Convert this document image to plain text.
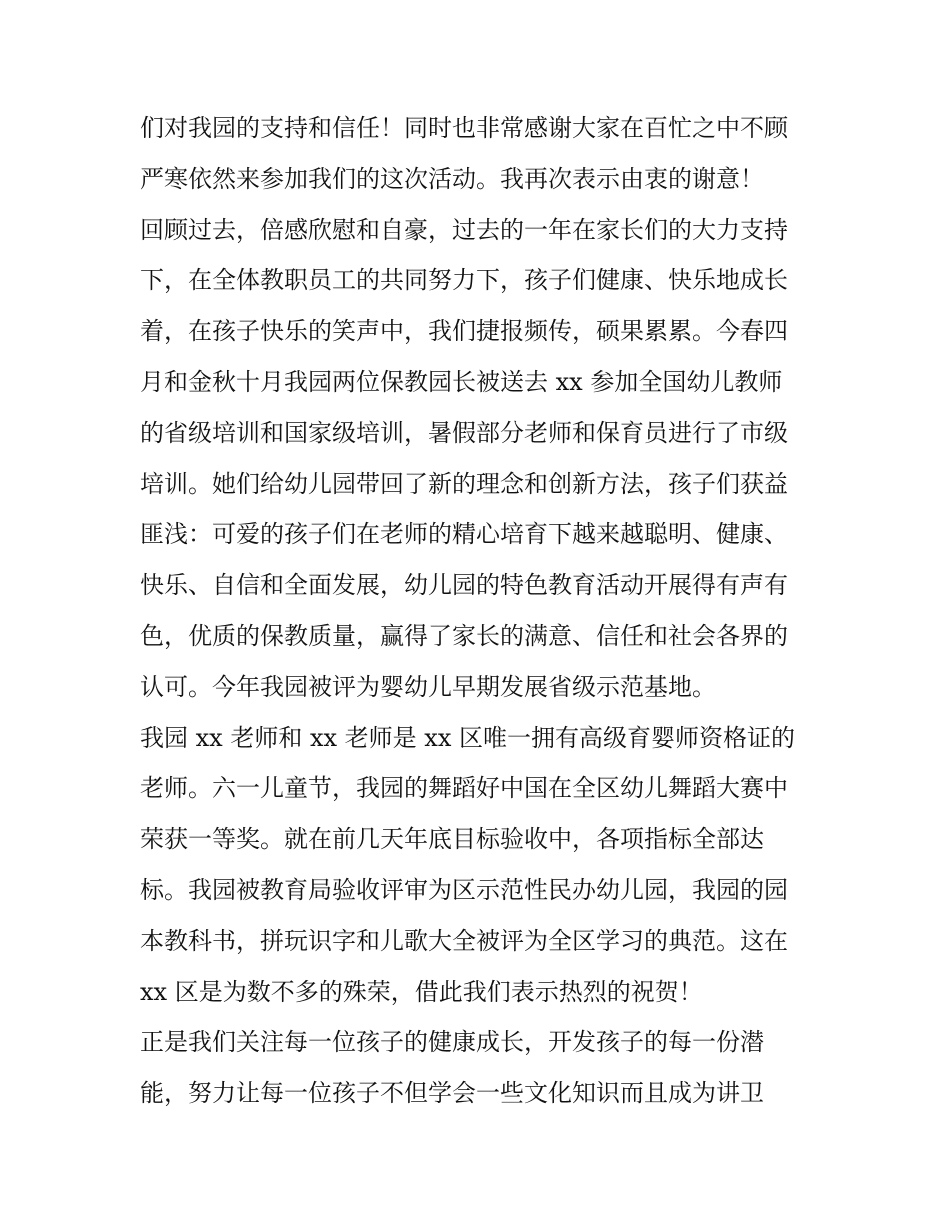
们对我园的支持和信任！同时也非常感谢大家在百忙之中不顾
严寒依然来参加我们的这次活动。我再次表示由衷的谢意！
回顾过去，倍感欣慰和自豪，过去的一年在家长们的大力支持
下，在全体教职员工的共同努力下，孩子们健康、快乐地成长
着，在孩子快乐的笑声中，我们捷报频传，硕果累累。今春四
月和金秋十月我园两位保教园长被送去 xx 参加全国幼儿教师
的省级培训和国家级培训，暑假部分老师和保育员进行了市级
培训。她们给幼儿园带回了新的理念和创新方法，孩子们获益
匪浅：可爱的孩子们在老师的精心培育下越来越聪明、健康、
快乐、自信和全面发展，幼儿园的特色教育活动开展得有声有
色，优质的保教质量，赢得了家长的满意、信任和社会各界的
认可。今年我园被评为婴幼儿早期发展省级示范基地。
我园 xx 老师和 xx 老师是 xx 区唯一拥有高级育婴师资格证的
老师。六一儿童节，我园的舞蹈好中国在全区幼儿舞蹈大赛中
荣获一等奖。就在前几天年底目标验收中，各项指标全部达
标。我园被教育局验收评审为区示范性民办幼儿园，我园的园
本教科书，拼玩识字和儿歌大全被评为全区学习的典范。这在
xx 区是为数不多的殊荣，借此我们表示热烈的祝贺！
正是我们关注每一位孩子的健康成长，开发孩子的每一份潜
能，努力让每一位孩子不但学会一些文化知识而且成为讲卫
